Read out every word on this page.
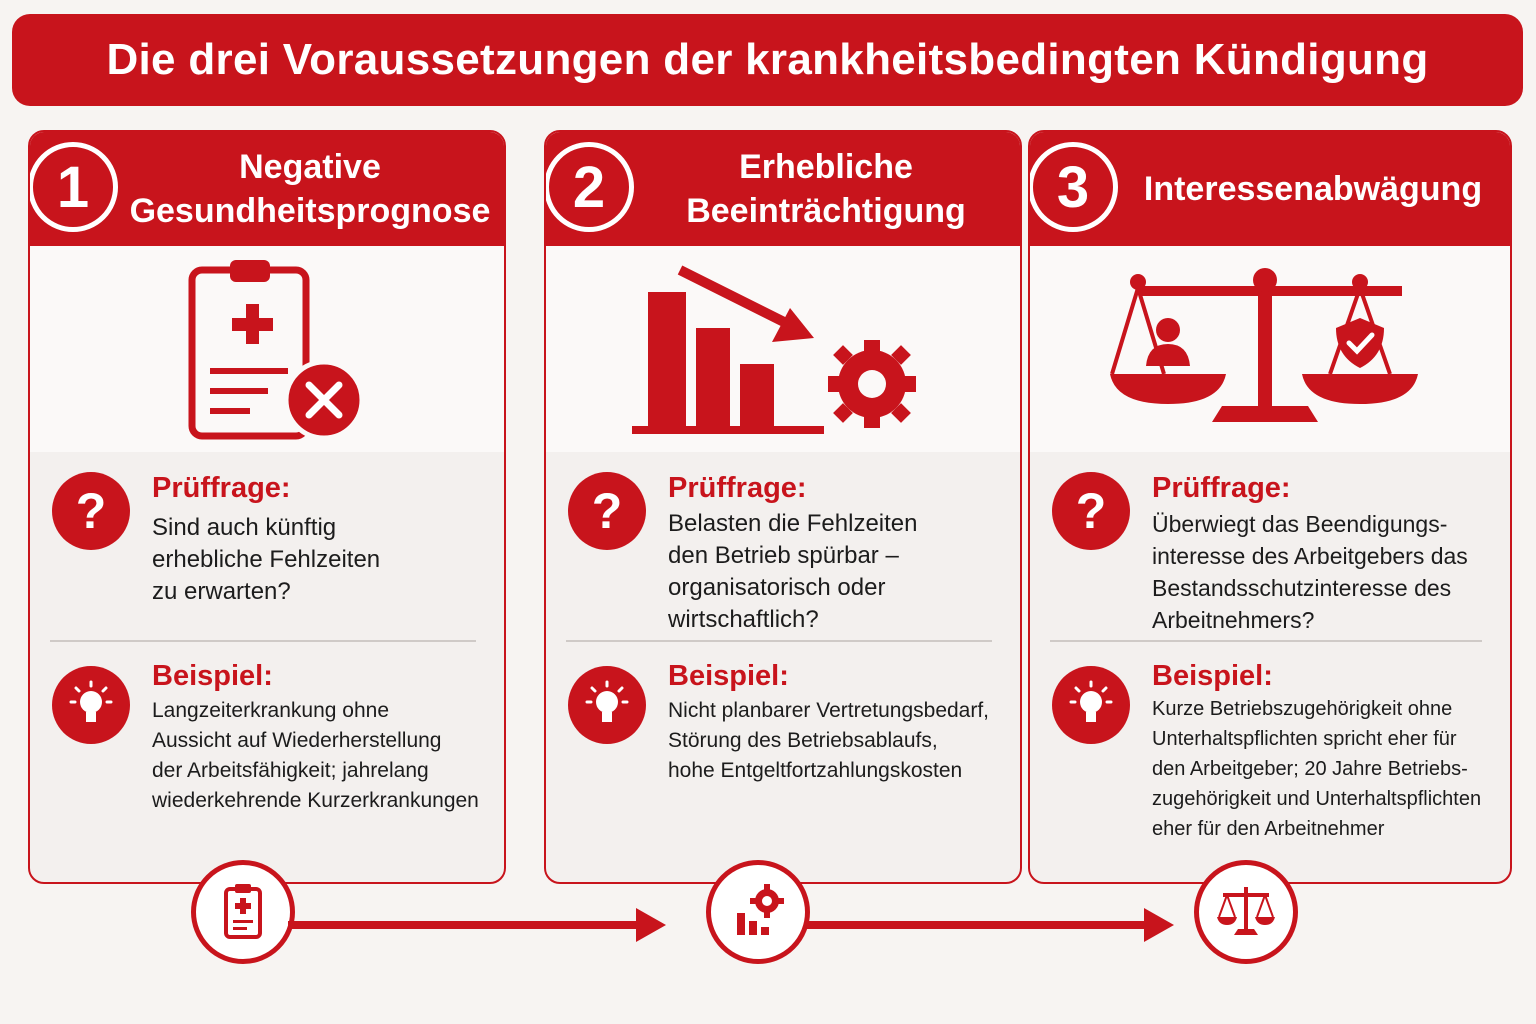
Die drei Voraussetzungen der krankheitsbedingten Kündigung
1	Negative
Gesundheitsprognose
? Prüffrage:
Sind auch künftig
erhebliche Fehlzeiten
zu erwarten?
Beispiel:
Langzeiterkrankung ohne
Aussicht auf Wiederherstellung
der Arbeitsfähigkeit; jahrelang
wiederkehrende Kurzerkrankungen
2	Erhebliche
Beeinträchtigung
? Prüffrage:
Belasten die Fehlzeiten
den Betrieb spürbar –
organisatorisch oder
wirtschaftlich?
Beispiel:
Nicht planbarer Vertretungsbedarf,
Störung des Betriebsablaufs,
hohe Entgeltfortzahlungskosten
3	Interessenabwägung
? Prüffrage:
Überwiegt das Beendigungs-
interesse des Arbeitgebers das
Bestandsschutzinteresse des
Arbeitnehmers?
Beispiel:
Kurze Betriebszugehörigkeit ohne
Unterhaltspflichten spricht eher für
den Arbeitgeber; 20 Jahre Betriebs-
zugehörigkeit und Unterhaltspflichten
eher für den Arbeitnehmer
